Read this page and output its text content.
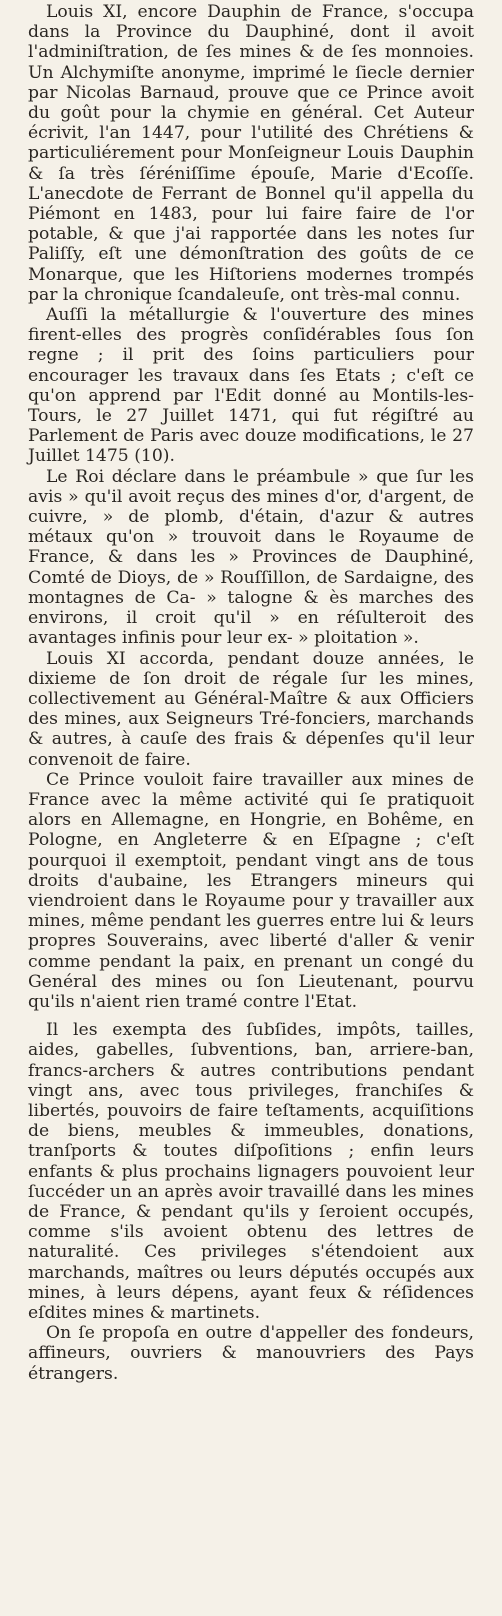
Louis XI, encore Dauphin de France, s'occupa dans la Province du Dauphiné, dont il avoit l'adminiſtration, de ſes mines & de ſes monnoies. Un Alchymiſte anonyme, imprimé le ſiecle dernier par Nicolas Barnaud, prouve que ce Prince avoit du goût pour la chymie en général. Cet Auteur écrivit, l'an 1447, pour l'utilité des Chrétiens & particuliérement pour Monſeigneur Louis Dauphin & ſa très ſéréniſſime épouſe, Marie d'Ecoſſe. L'anecdote de Ferrant de Bonnel qu'il appella du Piémont en 1483, pour lui faire faire de l'or potable, & que j'ai rapportée dans les notes ſur Paliſſy, eſt une démonſtration des goûts de ce Monarque, que les Hiſtoriens modernes trompés par la chronique ſcandaleuſe, ont très-mal connu.

Auſſi la métallurgie & l'ouverture des mines firent-elles des progrès conſidérables ſous ſon regne ; il prit des ſoins particuliers pour encourager les travaux dans ſes Etats ; c'eſt ce qu'on apprend par l'Edit donné au Montils-les-Tours, le 27 Juillet 1471, qui fut régiſtré au Parlement de Paris avec douze modifications, le 27 Juillet 1475 (10).

Le Roi déclare dans le préambule » que ſur les avis » qu'il avoit reçus des mines d'or, d'argent, de cuivre, » de plomb, d'étain, d'azur & autres métaux qu'on » trouvoit dans le Royaume de France, & dans les » Provinces de Dauphiné, Comté de Dioys, de » Rouſſillon, de Sardaigne, des montagnes de Ca- » talogne & ès marches des environs, il croit qu'il » en réſulteroit des avantages infinis pour leur ex- » ploitation ».

Louis XI accorda, pendant douze années, le dixieme de ſon droit de régale ſur les mines, collectivement au Général-Maître & aux Officiers des mines, aux Seigneurs Tré-fonciers, marchands & autres, à cauſe des frais & dépenſes qu'il leur convenoit de faire.

Ce Prince vouloit faire travailler aux mines de France avec la même activité qui ſe pratiquoit alors en Allemagne, en Hongrie, en Bohême, en Pologne, en Angleterre & en Eſpagne ; c'eſt pourquoi il exemptoit, pendant vingt ans de tous droits d'aubaine, les Etrangers mineurs qui viendroient dans le Royaume pour y travailler aux mines, même pendant les guerres entre lui & leurs propres Souverains, avec liberté d'aller & venir comme pendant la paix, en prenant un congé du Genéral des mines ou ſon Lieutenant, pourvu qu'ils n'aient rien tramé contre l'Etat.

Il les exempta des ſubſides, impôts, tailles, aides, gabelles, ſubventions, ban, arriere-ban, francs-archers & autres contributions pendant vingt ans, avec tous privileges, franchiſes & libertés, pouvoirs de faire teſtaments, acquiſitions de biens, meubles & immeubles, donations, tranſports & toutes diſpoſitions ; enfin leurs enfants & plus prochains lignagers pouvoient leur ſuccéder un an après avoir travaillé dans les mines de France, & pendant qu'ils y ſeroient occupés, comme s'ils avoient obtenu des lettres de naturalité. Ces privileges s'étendoient aux marchands, maîtres ou leurs députés occupés aux mines, à leurs dépens, ayant feux & réſidences eſdites mines & martinets.

On ſe propoſa en outre d'appeller des fondeurs, affineurs, ouvriers & manouvriers des Pays étrangers.
